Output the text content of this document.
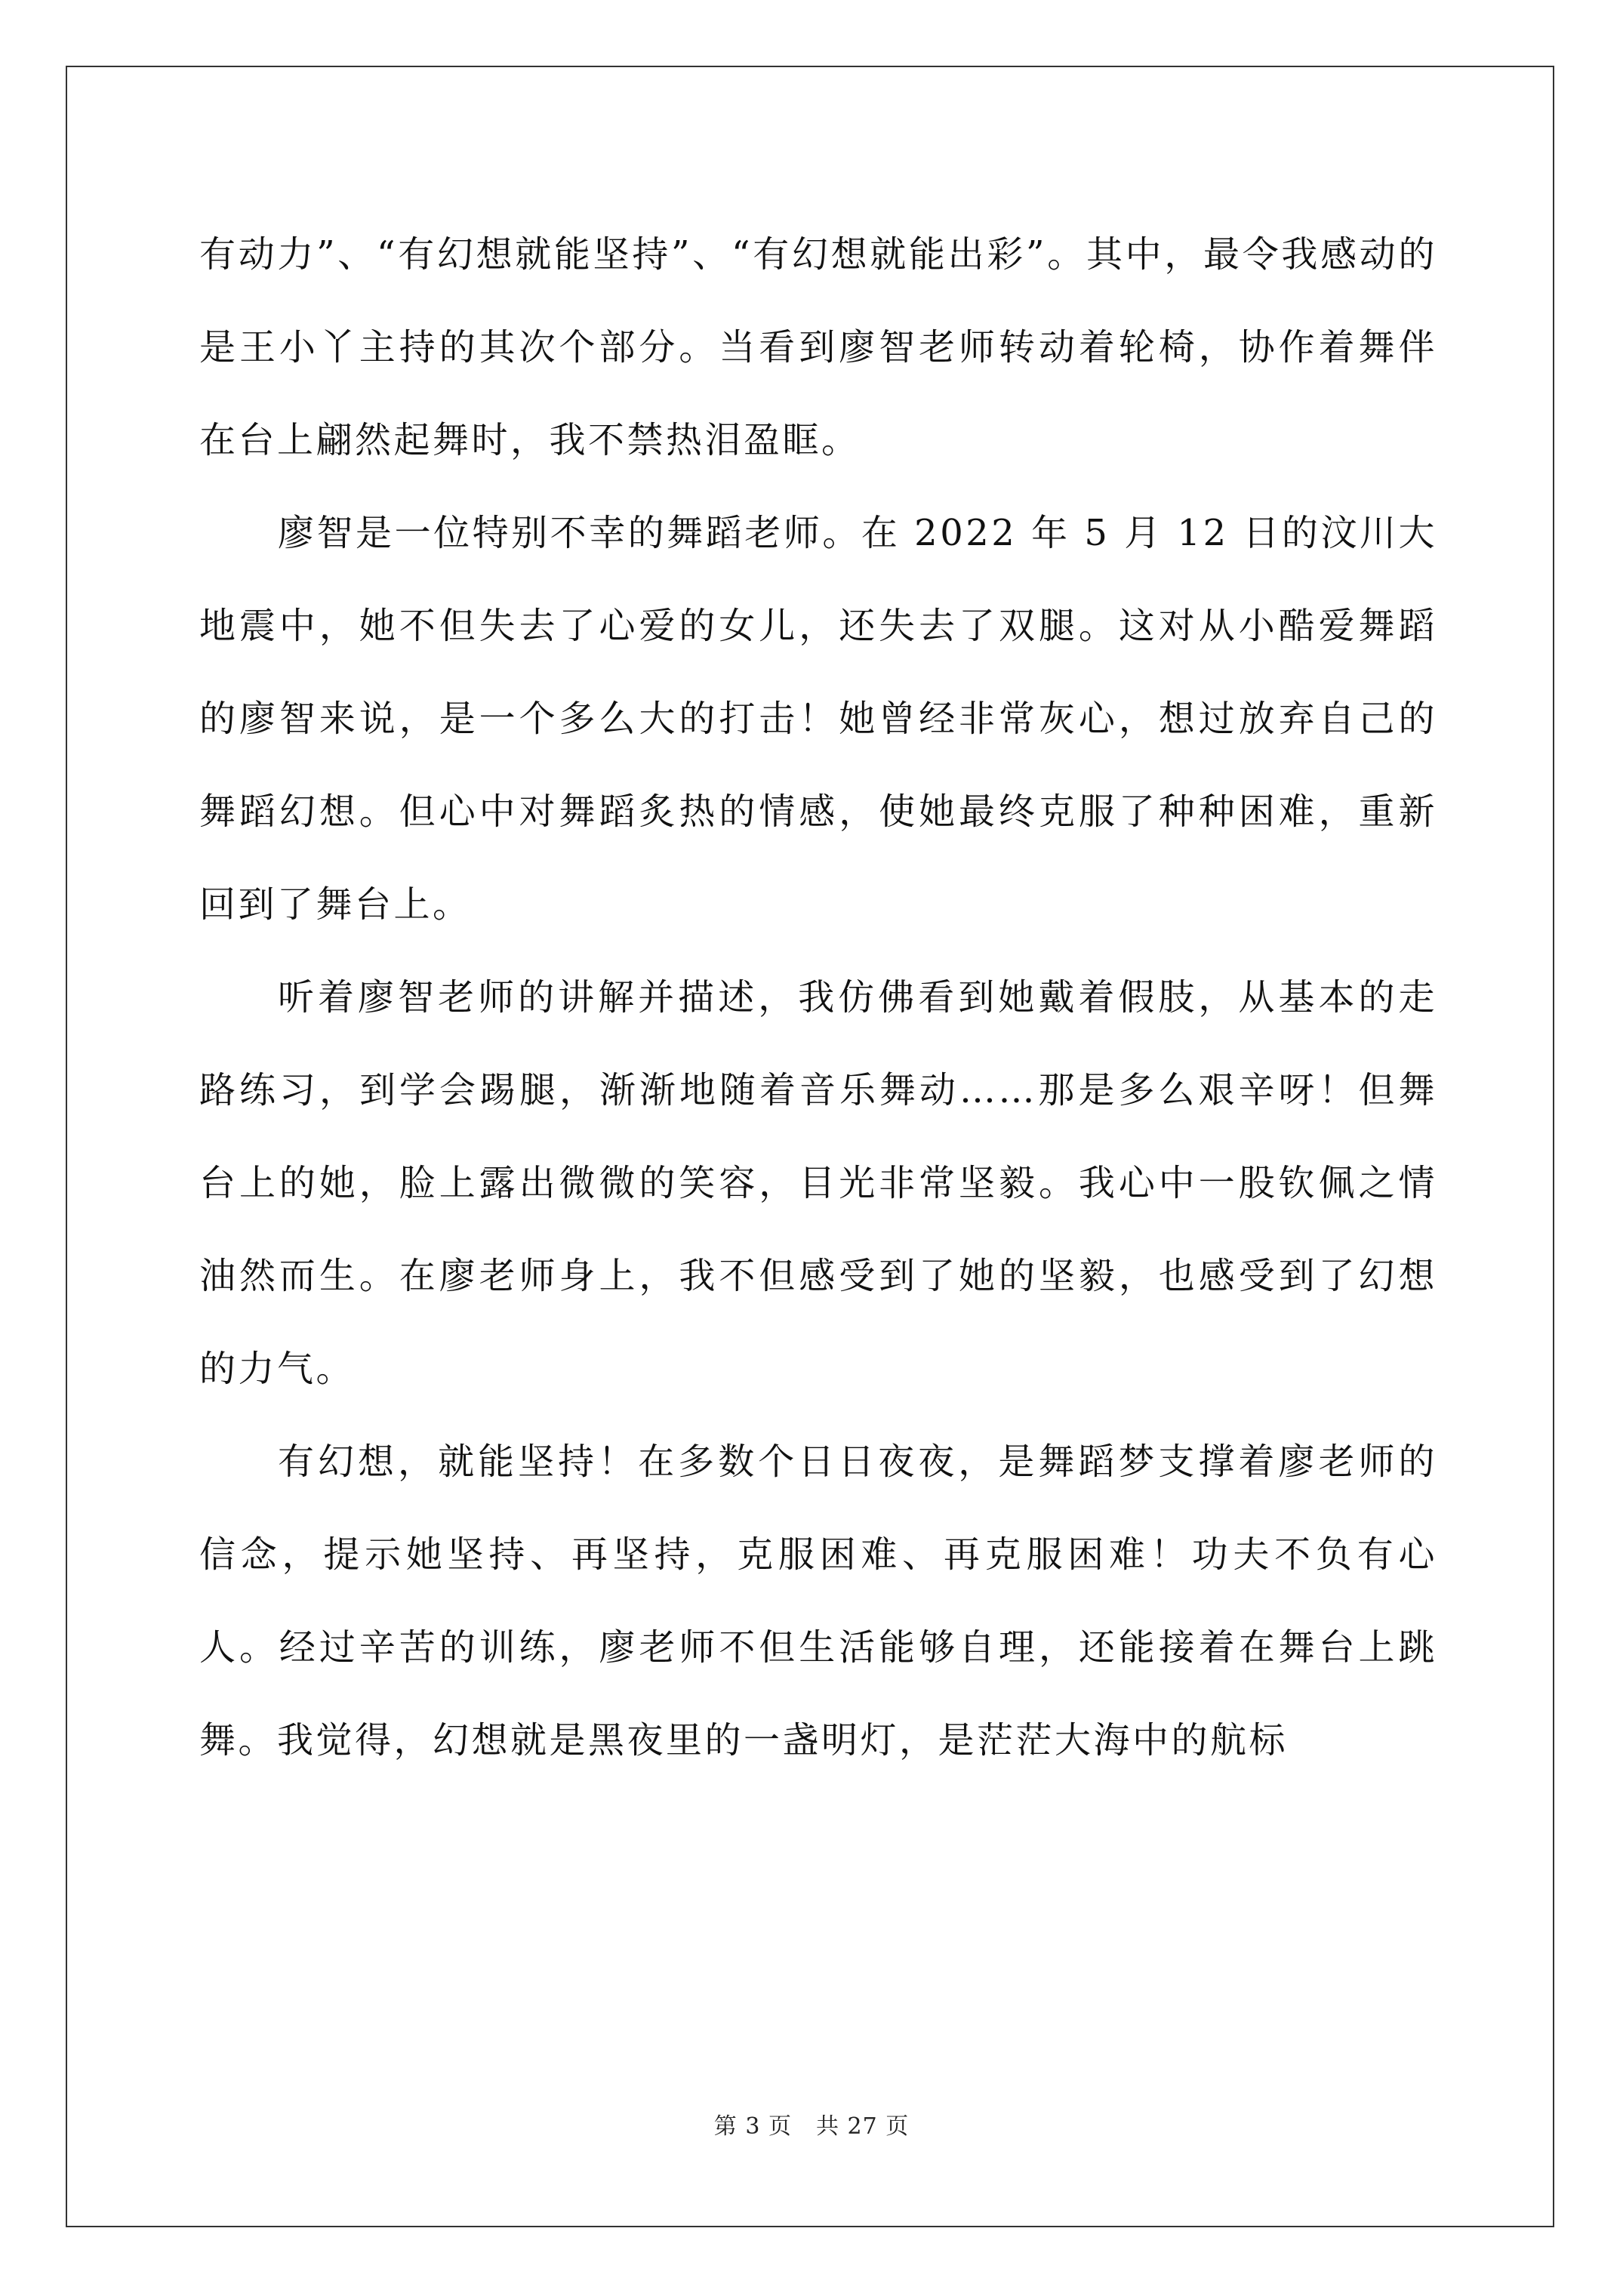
有动力”、“有幻想就能坚持”、“有幻想就能出彩”。其中，最令我感动的是王小丫主持的其次个部分。当看到廖智老师转动着轮椅，协作着舞伴在台上翩然起舞时，我不禁热泪盈眶。

廖智是一位特别不幸的舞蹈老师。在 2022 年 5 月 12 日的汶川大地震中，她不但失去了心爱的女儿，还失去了双腿。这对从小酷爱舞蹈的廖智来说，是一个多么大的打击！她曾经非常灰心，想过放弃自己的舞蹈幻想。但心中对舞蹈炙热的情感，使她最终克服了种种困难，重新回到了舞台上。

听着廖智老师的讲解并描述，我仿佛看到她戴着假肢，从基本的走路练习，到学会踢腿，渐渐地随着音乐舞动……那是多么艰辛呀！但舞台上的她，脸上露出微微的笑容，目光非常坚毅。我心中一股钦佩之情油然而生。在廖老师身上，我不但感受到了她的坚毅，也感受到了幻想的力气。

有幻想，就能坚持！在多数个日日夜夜，是舞蹈梦支撑着廖老师的信念，提示她坚持、再坚持，克服困难、再克服困难！功夫不负有心人。经过辛苦的训练，廖老师不但生活能够自理，还能接着在舞台上跳舞。我觉得，幻想就是黑夜里的一盏明灯，是茫茫大海中的航标

第 3 页 共 27 页
